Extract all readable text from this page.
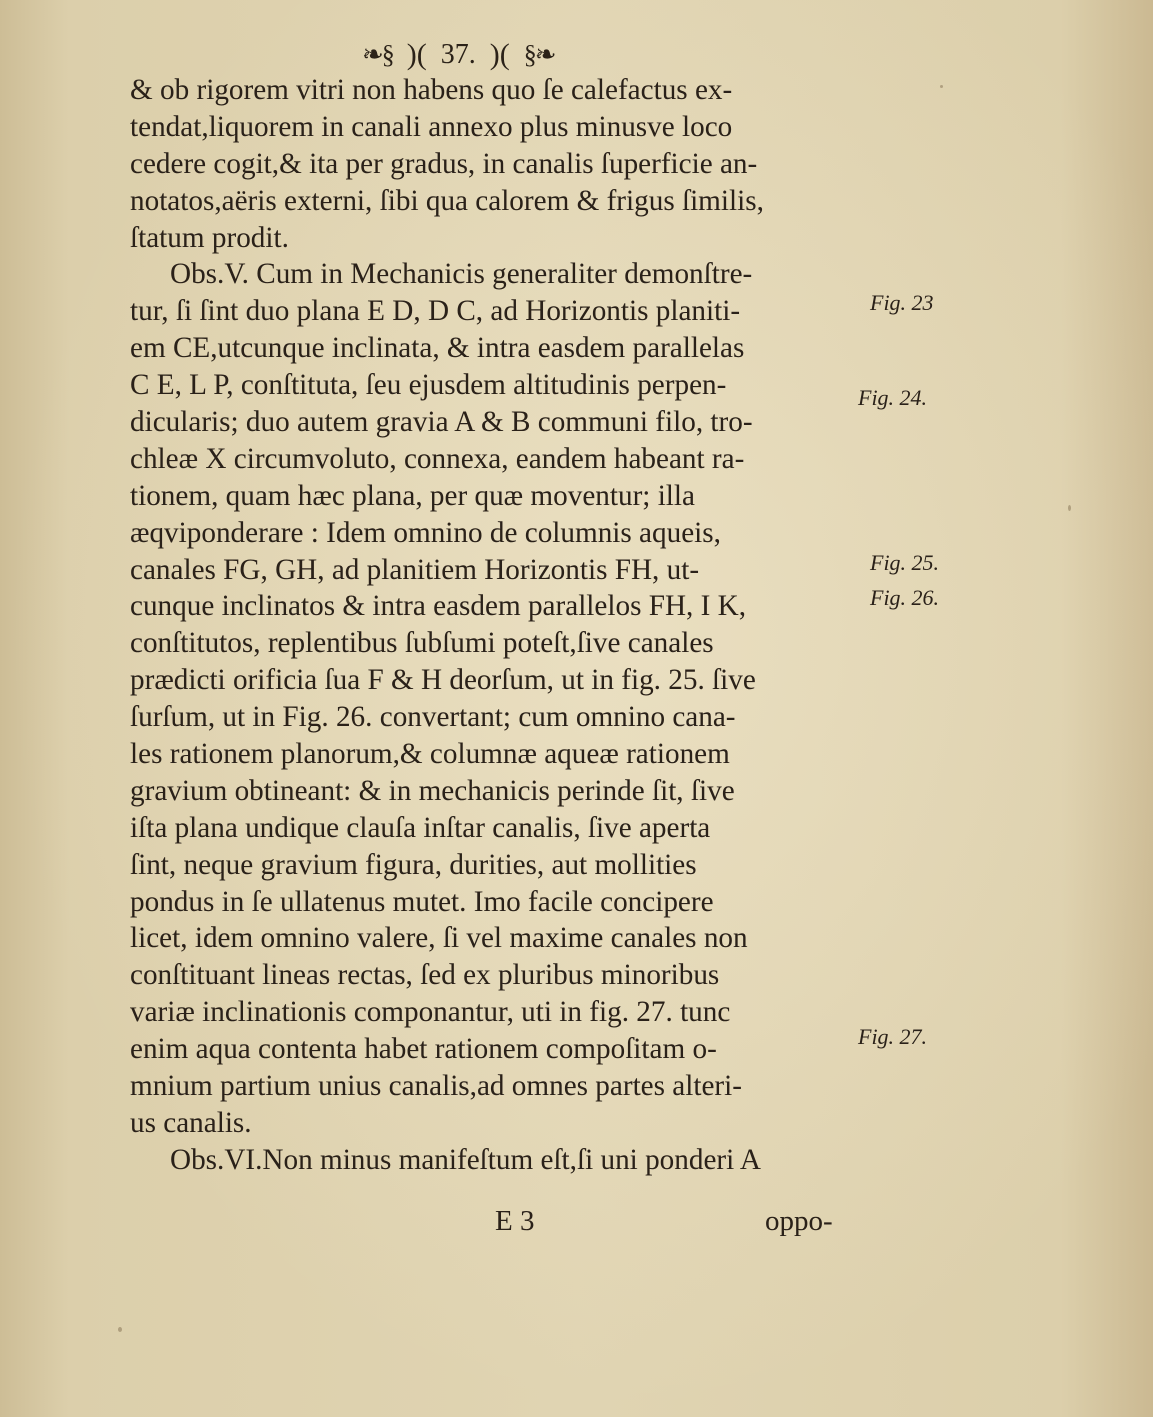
❧§ )( 37. )( §❧
& ob rigorem vitri non habens quo ſe calefactus ex-
tendat,liquorem in canali annexo plus minusve loco
cedere cogit,& ita per gradus, in canalis ſuperficie an-
notatos,aëris externi, ſibi qua calorem & frigus ſimilis,
ſtatum prodit.
Obs.V. Cum in Mechanicis generaliter demonſtre-
tur, ſi ſint duo plana E D, D C, ad Horizontis planiti-
em CE,utcunque inclinata, & intra easdem parallelas
C E, L P, conſtituta, ſeu ejusdem altitudinis perpen-
dicularis; duo autem gravia A & B communi filo, tro-
chleæ X circumvoluto, connexa, eandem habeant ra-
tionem, quam hæc plana, per quæ moventur; illa
æqviponderare : Idem omnino de columnis aqueis,
canales FG, GH, ad planitiem Horizontis FH, ut-
cunque inclinatos & intra easdem parallelos FH, I K,
conſtitutos, replentibus ſubſumi poteſt,ſive canales
prædicti orificia ſua F & H deorſum, ut in fig. 25. ſive
ſurſum, ut in Fig. 26. convertant; cum omnino cana-
les rationem planorum,& columnæ aqueæ rationem
gravium obtineant: & in mechanicis perinde ſit, ſive
iſta plana undique clauſa inſtar canalis, ſive aperta
ſint, neque gravium figura, durities, aut mollities
pondus in ſe ullatenus mutet. Imo facile concipere
licet, idem omnino valere, ſi vel maxime canales non
conſtituant lineas rectas, ſed ex pluribus minoribus
variæ inclinationis componantur, uti in fig. 27. tunc
enim aqua contenta habet rationem compoſitam o-
mnium partium unius canalis,ad omnes partes alteri-
us canalis.
Obs.VI.Non minus manifeſtum eſt,ſi uni ponderi A
Fig. 23
Fig. 24.
Fig. 25.
Fig. 26.
Fig. 27.
E 3	oppo-
